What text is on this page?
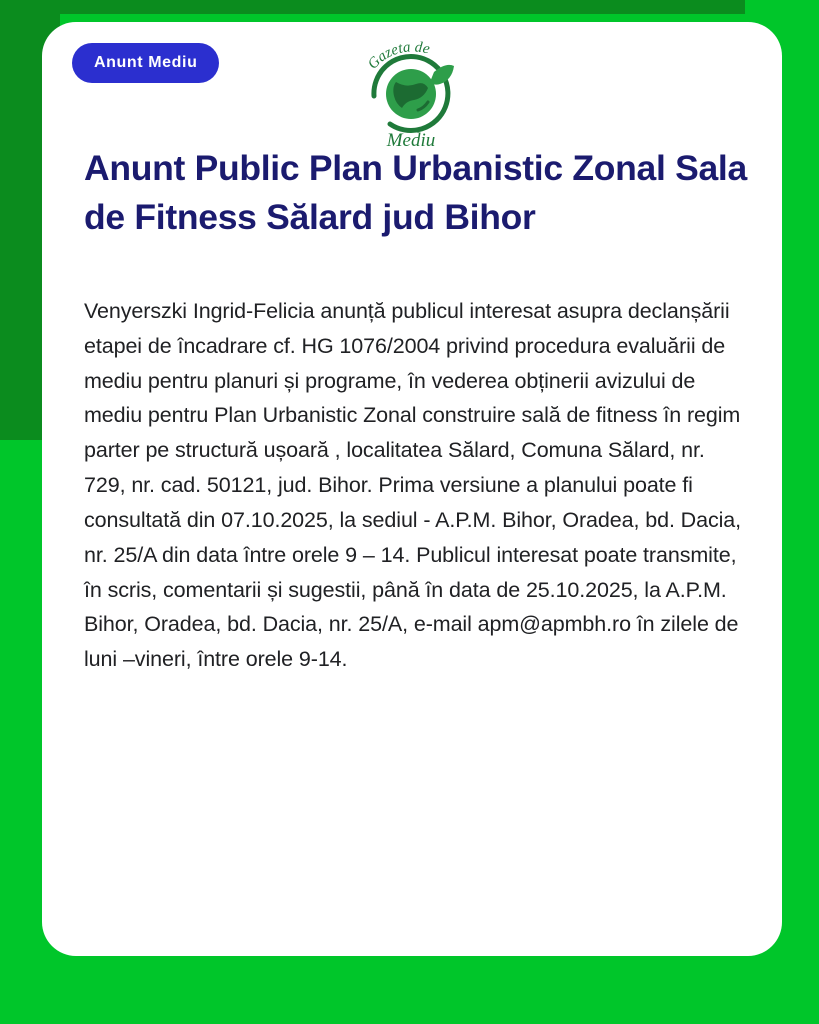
Anunt Mediu	Gazeta de
Mediu
Anunt Public Plan Urbanistic Zonal Sala de Fitness Sălard jud Bihor
Venyerszki Ingrid-Felicia anunță publicul interesat asupra declanșării etapei de încadrare cf. HG 1076/2004 privind procedura evaluării de mediu pentru planuri și programe, în vederea obținerii avizului de mediu pentru Plan Urbanistic Zonal construire sală de fitness în regim parter pe structură ușoară , localitatea Sălard, Comuna Sălard, nr. 729, nr. cad. 50121, jud. Bihor. Prima versiune a planului poate fi consultată din 07.10.2025, la sediul - A.P.M. Bihor, Oradea, bd. Dacia, nr. 25/A din data între orele 9 – 14. Publicul interesat poate transmite, în scris, comentarii și sugestii, până în data de 25.10.2025, la A.P.M. Bihor, Oradea, bd. Dacia, nr. 25/A, e-mail apm@apmbh.ro în zilele de luni –vineri, între orele 9-14.
